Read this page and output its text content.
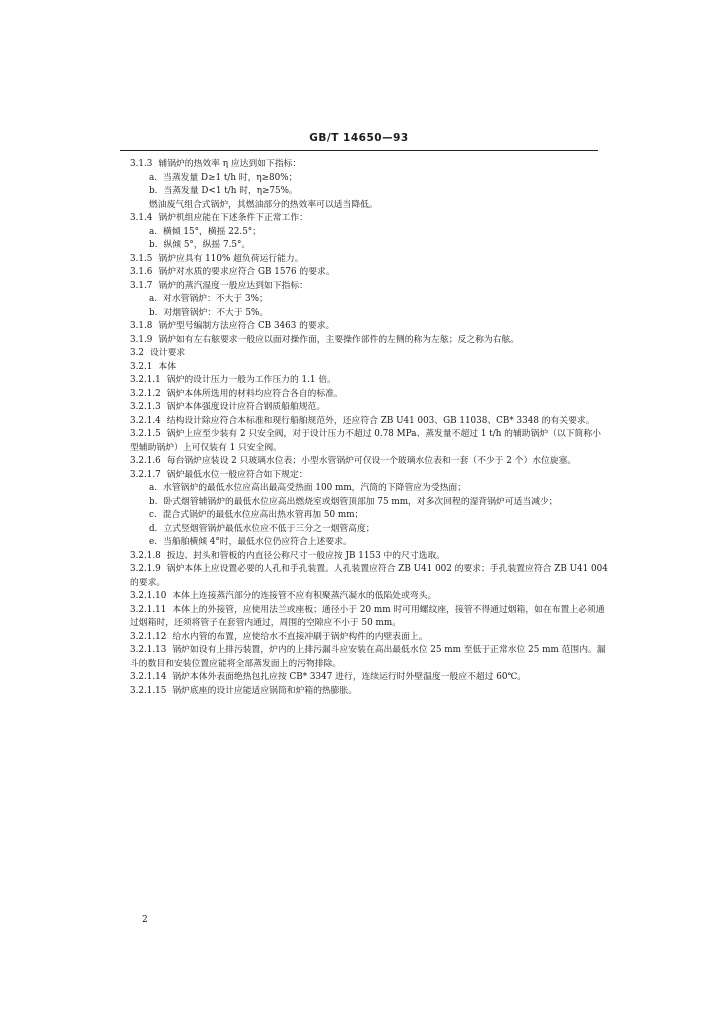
GB/T 14650—93
3.1.3 辅锅炉的热效率 η 应达到如下指标：
a. 当蒸发量 D≥1 t/h 时，η≥80%；
b. 当蒸发量 D<1 t/h 时，η≥75%。
燃油废气组合式锅炉，其燃油部分的热效率可以适当降低。
3.1.4 锅炉机组应能在下述条件下正常工作：
a. 横倾 15°，横摇 22.5°；
b. 纵倾 5°，纵摇 7.5°。
3.1.5 锅炉应具有 110% 超负荷运行能力。
3.1.6 锅炉对水质的要求应符合 GB 1576 的要求。
3.1.7 锅炉的蒸汽湿度一般应达到如下指标：
a. 对水管锅炉：不大于 3%；
b. 对烟管锅炉：不大于 5%。
3.1.8 锅炉型号编制方法应符合 CB 3463 的要求。
3.1.9 锅炉如有左右舷要求一般应以面对操作面，主要操作部件的左侧的称为左舷；反之称为右舷。
3.2 设计要求
3.2.1 本体
3.2.1.1 锅炉的设计压力一般为工作压力的 1.1 倍。
3.2.1.2 锅炉本体所选用的材料均应符合各自的标准。
3.2.1.3 锅炉本体强度设计应符合钢质船舶规范。
3.2.1.4 结构设计除应符合本标准和现行船舶规范外，还应符合 ZB U41 003、GB 11038、CB* 3348 的有关要求。
3.2.1.5 锅炉上应至少装有 2 只安全阀，对于设计压力不超过 0.78 MPa、蒸发量不超过 1 t/h 的辅助锅炉（以下简称小型辅助锅炉）上可仅装有 1 只安全阀。
3.2.1.6 每台锅炉应装设 2 只玻璃水位表；小型水管锅炉可仅设一个玻璃水位表和一套（不少于 2 个）水位旋塞。
3.2.1.7 锅炉最低水位一般应符合如下规定：
a. 水管锅炉的最低水位应高出最高受热面 100 mm，汽筒的下降管应为受热面；
b. 卧式烟管辅锅炉的最低水位应高出燃烧室或烟管顶部加 75 mm，对多次回程的湿背锅炉可适当减少；
c. 混合式锅炉的最低水位应高出热水管再加 50 mm；
d. 立式竖烟管锅炉最低水位应不低于三分之一烟管高度；
e. 当船舶横倾 4°时，最低水位仍应符合上述要求。
3.2.1.8 扳边、封头和管板的内直径公称尺寸一般应按 JB 1153 中的尺寸选取。
3.2.1.9 锅炉本体上应设置必要的人孔和手孔装置。人孔装置应符合 ZB U41 002 的要求；手孔装置应符合 ZB U41 004 的要求。
3.2.1.10 本体上连接蒸汽部分的连接管不应有积聚蒸汽凝水的低陷处或弯头。
3.2.1.11 本体上的外接管，应使用法兰或座板；通径小于 20 mm 时可用螺纹座，接管不得通过烟箱，如在布置上必须通过烟箱时，还须将管子在套管内通过，周围的空隙应不小于 50 mm。
3.2.1.12 给水内管的布置，应使给水不直接冲刷于锅炉构件的内壁表面上。
3.2.1.13 锅炉如设有上排污装置，炉内的上排污漏斗应安装在高出最低水位 25 mm 至低于正常水位 25 mm 范围内。漏斗的数目和安装位置应能将全部蒸发面上的污物排除。
3.2.1.14 锅炉本体外表面绝热包扎应按 CB* 3347 进行，连续运行时外壁温度一般应不超过 60℃。
3.2.1.15 锅炉底座的设计应能适应锅筒和炉箱的热膨胀。
2
